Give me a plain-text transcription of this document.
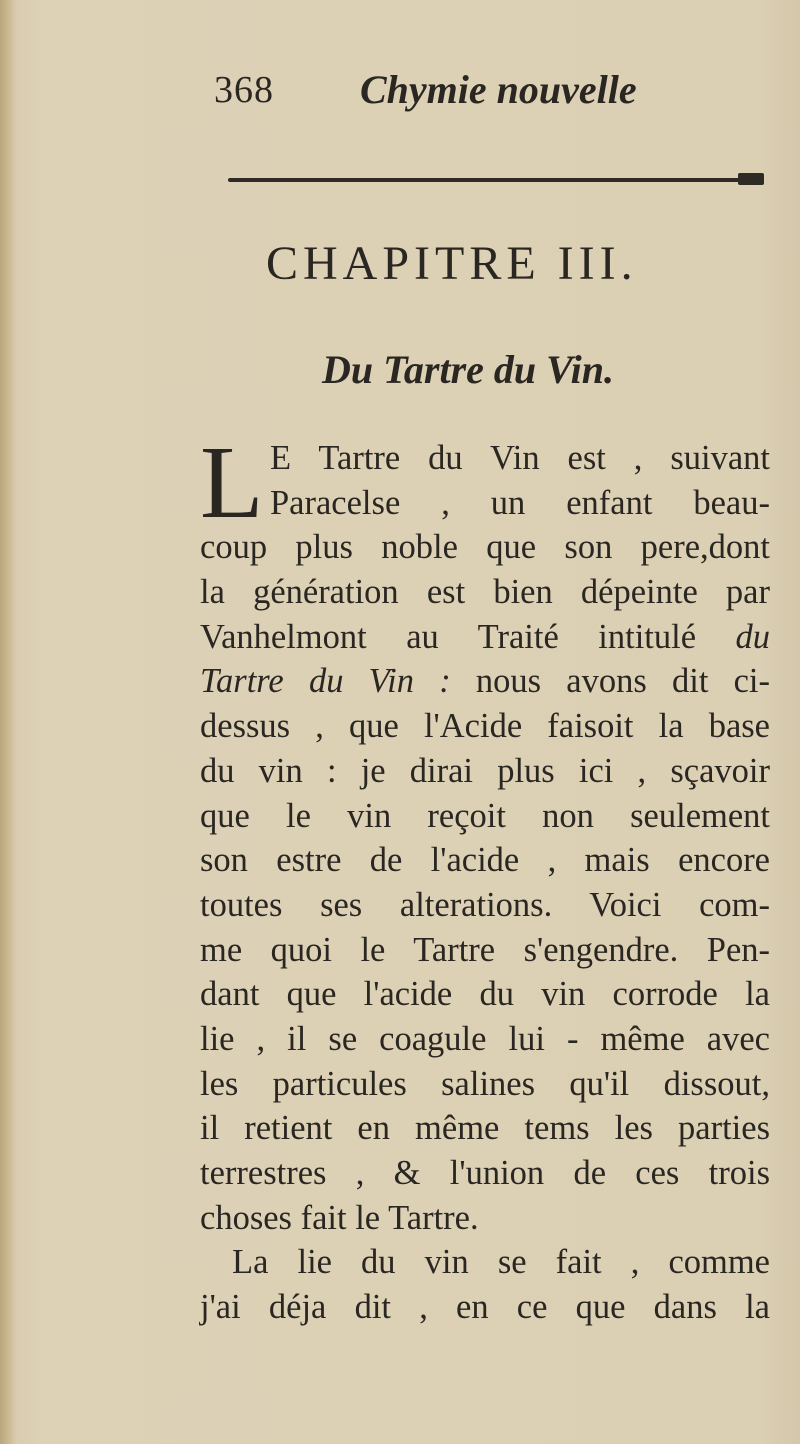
368 Chymie nouvelle
CHAPITRE III.
Du Tartre du Vin.
L E Tartre du Vin est , suivant
Paracelse , un enfant beau-
coup plus noble que son pere,dont
la génération est bien dépeinte par
Vanhelmont au Traité intitulé du
Tartre du Vin : nous avons dit ci-
dessus , que l'Acide faisoit la base
du vin : je dirai plus ici , sçavoir
que le vin reçoit non seulement
son estre de l'acide , mais encore
toutes ses alterations. Voici com-
me quoi le Tartre s'engendre. Pen-
dant que l'acide du vin corrode la
lie , il se coagule lui - même avec
les particules salines qu'il dissout,
il retient en même tems les parties
terrestres , & l'union de ces trois
choses fait le Tartre.
La lie du vin se fait , comme
j'ai déja dit , en ce que dans la
